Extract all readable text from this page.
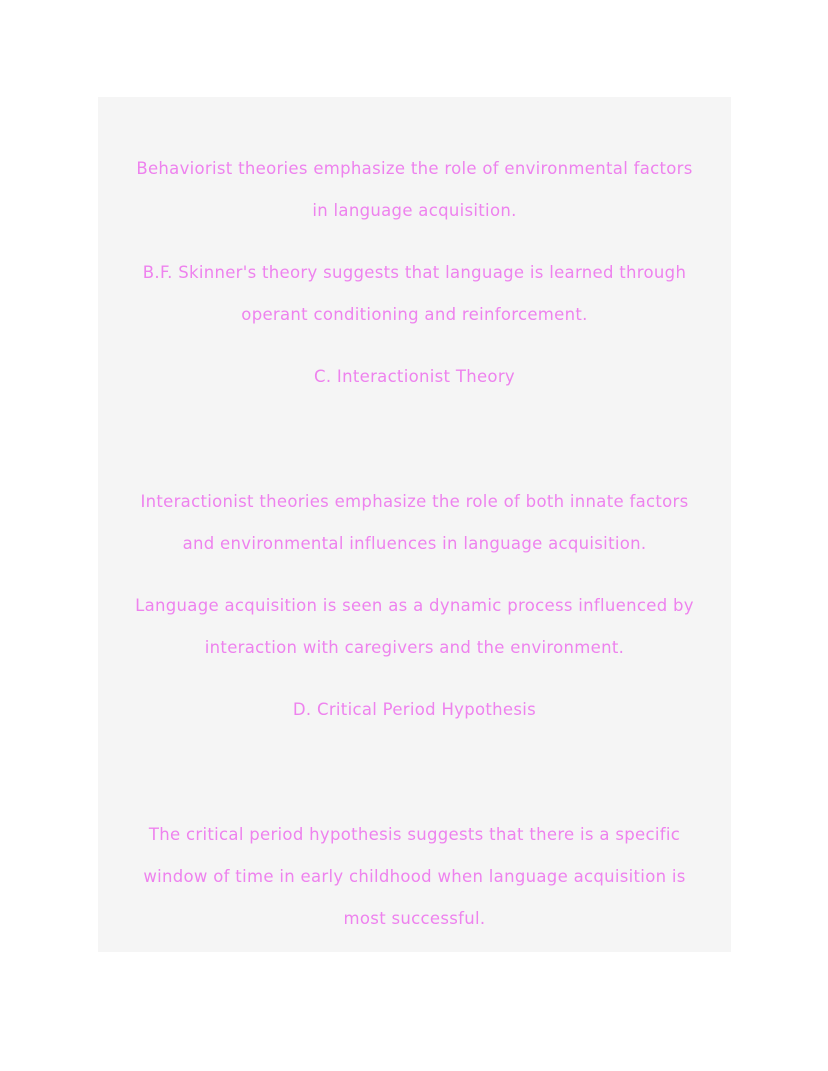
Behaviorist theories emphasize the role of environmental factors
in language acquisition.

B.F. Skinner's theory suggests that language is learned through
operant conditioning and reinforcement.

C. Interactionist Theory

Interactionist theories emphasize the role of both innate factors
and environmental influences in language acquisition.

Language acquisition is seen as a dynamic process influenced by
interaction with caregivers and the environment.

D. Critical Period Hypothesis

The critical period hypothesis suggests that there is a specific
window of time in early childhood when language acquisition is
most successful.
